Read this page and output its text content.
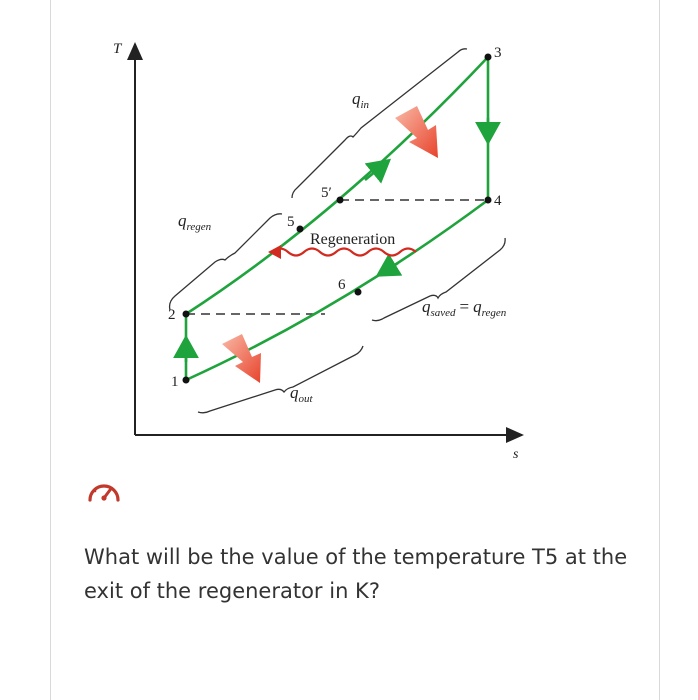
T
s
1
2
3
4
5
5′
6
Regeneration
$q_{in}$
$q_{regen}$
$q_{out}$
$q_{saved} = q_{regen}$
What will be the value of the temperature T5 at the exit of the regenerator in K?
